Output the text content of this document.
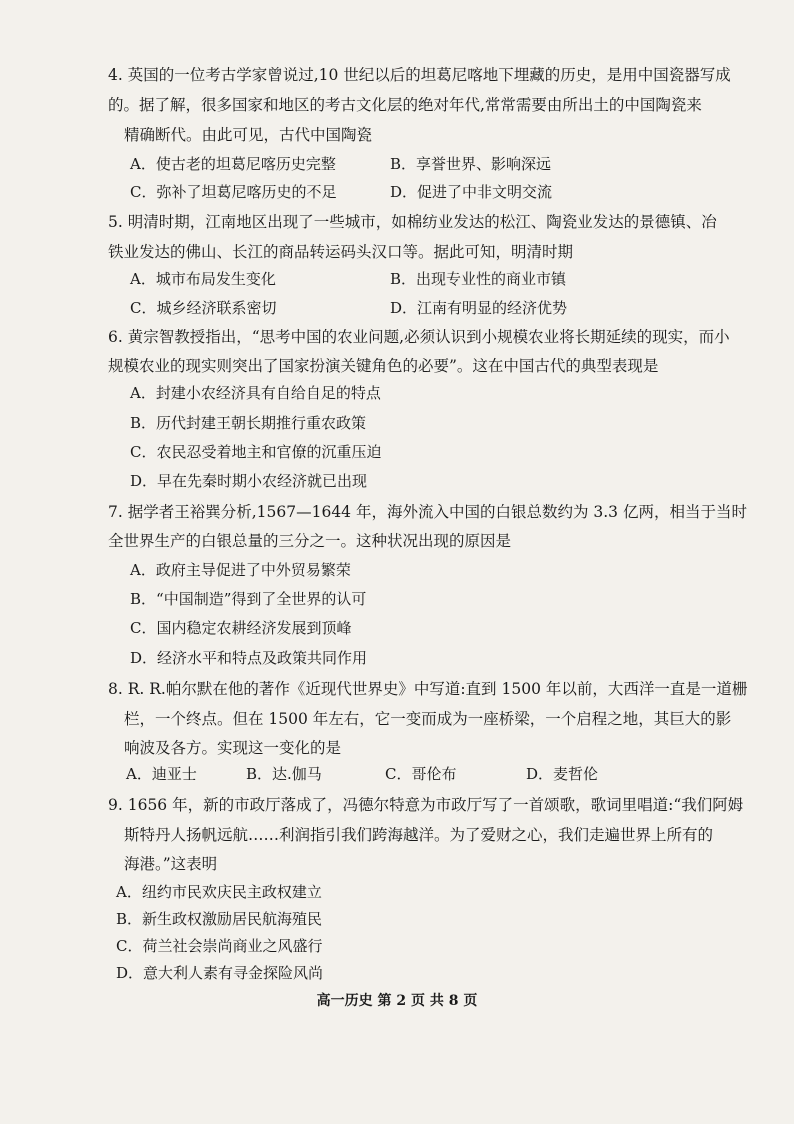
4. 英国的一位考古学家曾说过,10 世纪以后的坦葛尼喀地下埋藏的历史，是用中国瓷器写成
的。据了解，很多国家和地区的考古文化层的绝对年代,常常需要由所出土的中国陶瓷来
精确断代。由此可见，古代中国陶瓷
A．使古老的坦葛尼喀历史完整	B．享誉世界、影响深远
C．弥补了坦葛尼喀历史的不足	D．促进了中非文明交流
5. 明清时期，江南地区出现了一些城市，如棉纺业发达的松江、陶瓷业发达的景德镇、冶
铁业发达的佛山、长江的商品转运码头汉口等。据此可知，明清时期
A．城市布局发生变化	B．出现专业性的商业市镇
C．城乡经济联系密切	D．江南有明显的经济优势
6. 黄宗智教授指出，“思考中国的农业问题,必须认识到小规模农业将长期延续的现实，而小
规模农业的现实则突出了国家扮演关键角色的必要”。这在中国古代的典型表现是
A．封建小农经济具有自给自足的特点
B．历代封建王朝长期推行重农政策
C．农民忍受着地主和官僚的沉重压迫
D．早在先秦时期小农经济就已出现
7. 据学者王裕巽分析,1567—1644 年，海外流入中国的白银总数约为 3.3 亿两，相当于当时
全世界生产的白银总量的三分之一。这种状况出现的原因是
A．政府主导促进了中外贸易繁荣
B．“中国制造”得到了全世界的认可
C．国内稳定农耕经济发展到顶峰
D．经济水平和特点及政策共同作用
8. R. R.帕尔默在他的著作《近现代世界史》中写道:直到 1500 年以前，大西洋一直是一道栅
栏，一个终点。但在 1500 年左右，它一变而成为一座桥梁，一个启程之地，其巨大的影
响波及各方。实现这一变化的是
A．迪亚士	B．达.伽马	C．哥伦布	D．麦哲伦
9. 1656 年，新的市政厅落成了，冯德尔特意为市政厅写了一首颂歌，歌词里唱道:“我们阿姆
斯特丹人扬帆远航……利润指引我们跨海越洋。为了爱财之心，我们走遍世界上所有的
海港。”这表明
A．纽约市民欢庆民主政权建立
B．新生政权激励居民航海殖民
C．荷兰社会崇尚商业之风盛行
D．意大利人素有寻金探险风尚
高一历史 第 2 页 共 8 页
